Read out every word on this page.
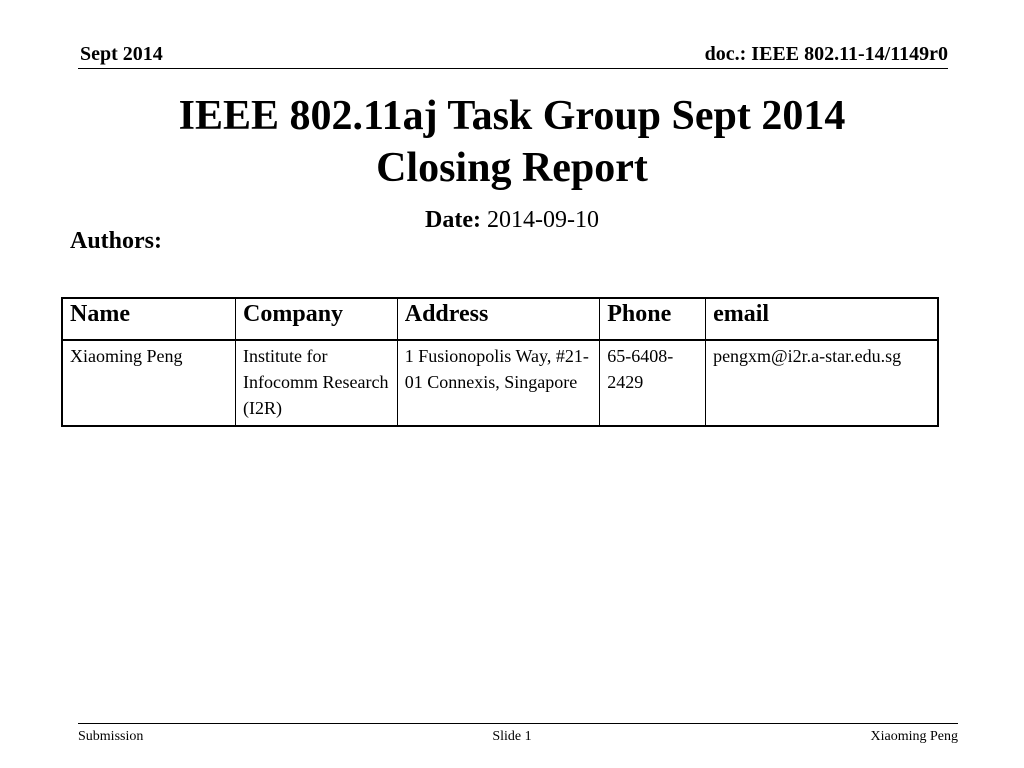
Sept 2014	doc.: IEEE 802.11-14/1149r0
IEEE 802.11aj Task Group Sept 2014
Closing Report
Date: 2014-09-10
Authors:
Name	Company	Address	Phone	email
Xiaoming Peng	Institute for Infocomm Research (I2R)	1 Fusionopolis Way, #21-01 Connexis, Singapore	65-6408-2429	pengxm@i2r.a-star.edu.sg
Submission	Slide 1	Xiaoming Peng
